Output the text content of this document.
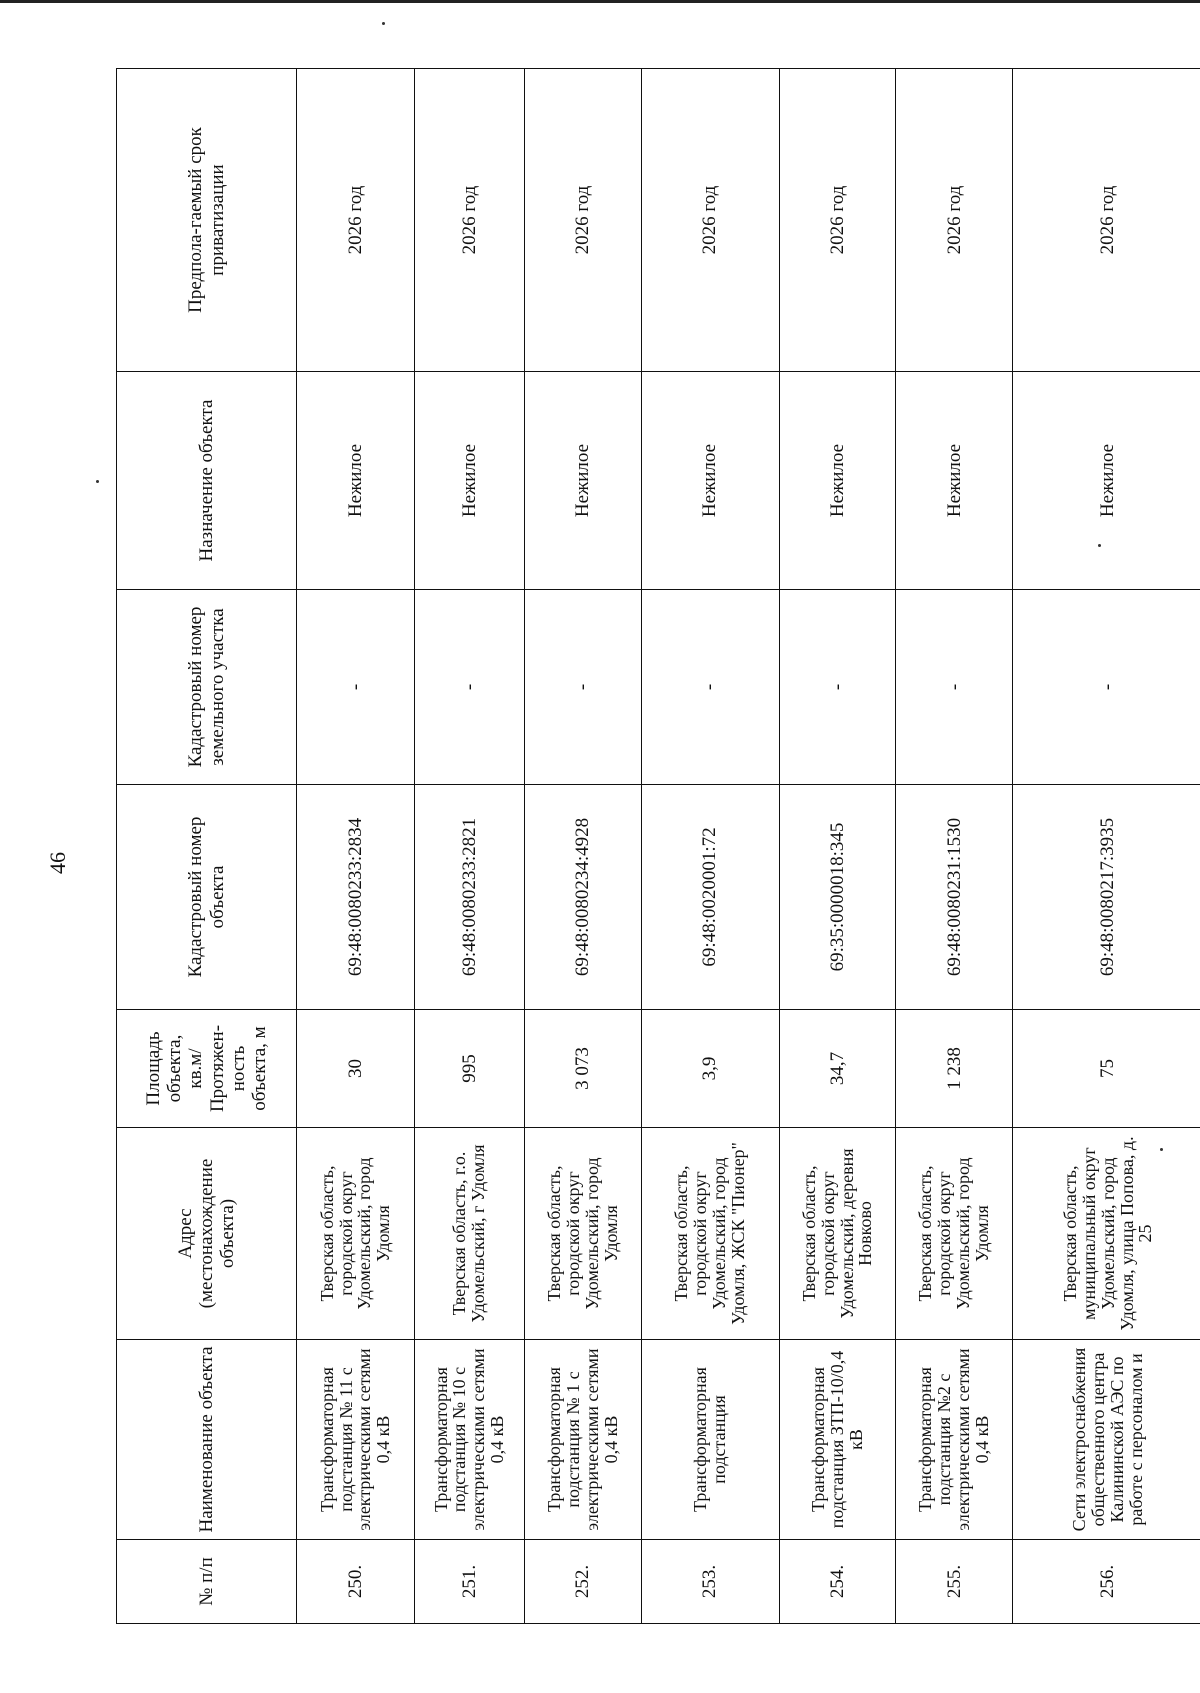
46
№ п/п	Наименование объекта	Адрес (местонахождение объекта)	Площадь объекта, кв.м/ Протяжен-ность объекта, м	Кадастровый номер объекта	Кадастровый номер земельного участка	Назначение объекта	Предпола-гаемый срок приватизации
250.	Трансформаторная подстанция № 11 с электрическими сетями 0,4 кВ	Тверская область, городской округ Удомельский, город Удомля	30	69:48:0080233:2834	-	Нежилое	2026 год
251.	Трансформаторная подстанция № 10 с электрическими сетями 0,4 кВ	Тверская область, г.о. Удомельский, г Удомля	995	69:48:0080233:2821	-	Нежилое	2026 год
252.	Трансформаторная подстанция № 1 с электрическими сетями 0,4 кВ	Тверская область, городской округ Удомельский, город Удомля	3 073	69:48:0080234:4928	-	Нежилое	2026 год
253.	Трансформаторная подстанция	Тверская область, городской округ Удомельский, город Удомля, ЖСК "Пионер"	3,9	69:48:0020001:72	-	Нежилое	2026 год
254.	Трансформаторная подстанция ЗТП-10/0,4 кВ	Тверская область, городской округ Удомельский, деревня Новково	34,7	69:35:0000018:345	-	Нежилое	2026 год
255.	Трансформаторная подстанция №2 с электрическими сетями 0,4 кВ	Тверская область, городской округ Удомельский, город Удомля	1 238	69:48:0080231:1530	-	Нежилое	2026 год
256.	Сети электроснабжения общественного центра Калининской АЭС по работе с персоналом и	Тверская область, муниципальный округ Удомельский, город Удомля, улица Попова, д. 25	75	69:48:0080217:3935	-	Нежилое	2026 год
